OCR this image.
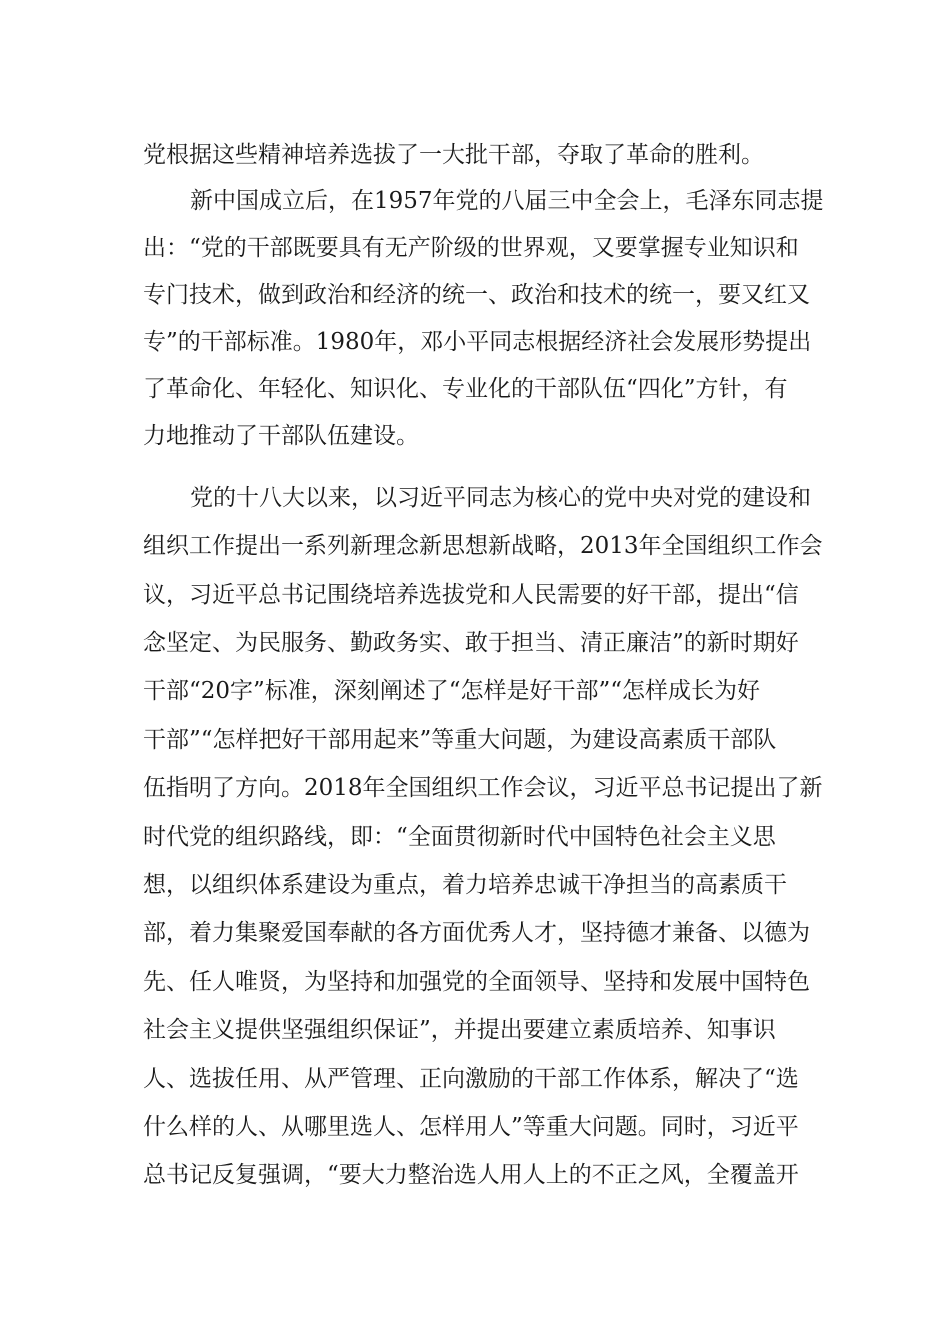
党根据这些精神培养选拔了一大批干部，夺取了革命的胜利。
新中国成立后，在1957年党的八届三中全会上，毛泽东同志提
出：“党的干部既要具有无产阶级的世界观，又要掌握专业知识和
专门技术，做到政治和经济的统一、政治和技术的统一，要又红又
专”的干部标准。1980年，邓小平同志根据经济社会发展形势提出
了革命化、年轻化、知识化、专业化的干部队伍“四化”方针，有
力地推动了干部队伍建设。
党的十八大以来，以习近平同志为核心的党中央对党的建设和
组织工作提出一系列新理念新思想新战略，2013年全国组织工作会
议，习近平总书记围绕培养选拔党和人民需要的好干部，提出“信
念坚定、为民服务、勤政务实、敢于担当、清正廉洁”的新时期好
干部“20字”标准，深刻阐述了“怎样是好干部”“怎样成长为好
干部”“怎样把好干部用起来”等重大问题，为建设高素质干部队
伍指明了方向。2018年全国组织工作会议，习近平总书记提出了新
时代党的组织路线，即：“全面贯彻新时代中国特色社会主义思
想，以组织体系建设为重点，着力培养忠诚干净担当的高素质干
部，着力集聚爱国奉献的各方面优秀人才，坚持德才兼备、以德为
先、任人唯贤，为坚持和加强党的全面领导、坚持和发展中国特色
社会主义提供坚强组织保证”，并提出要建立素质培养、知事识
人、选拔任用、从严管理、正向激励的干部工作体系，解决了“选
什么样的人、从哪里选人、怎样用人”等重大问题。同时，习近平
总书记反复强调，“要大力整治选人用人上的不正之风，全覆盖开
